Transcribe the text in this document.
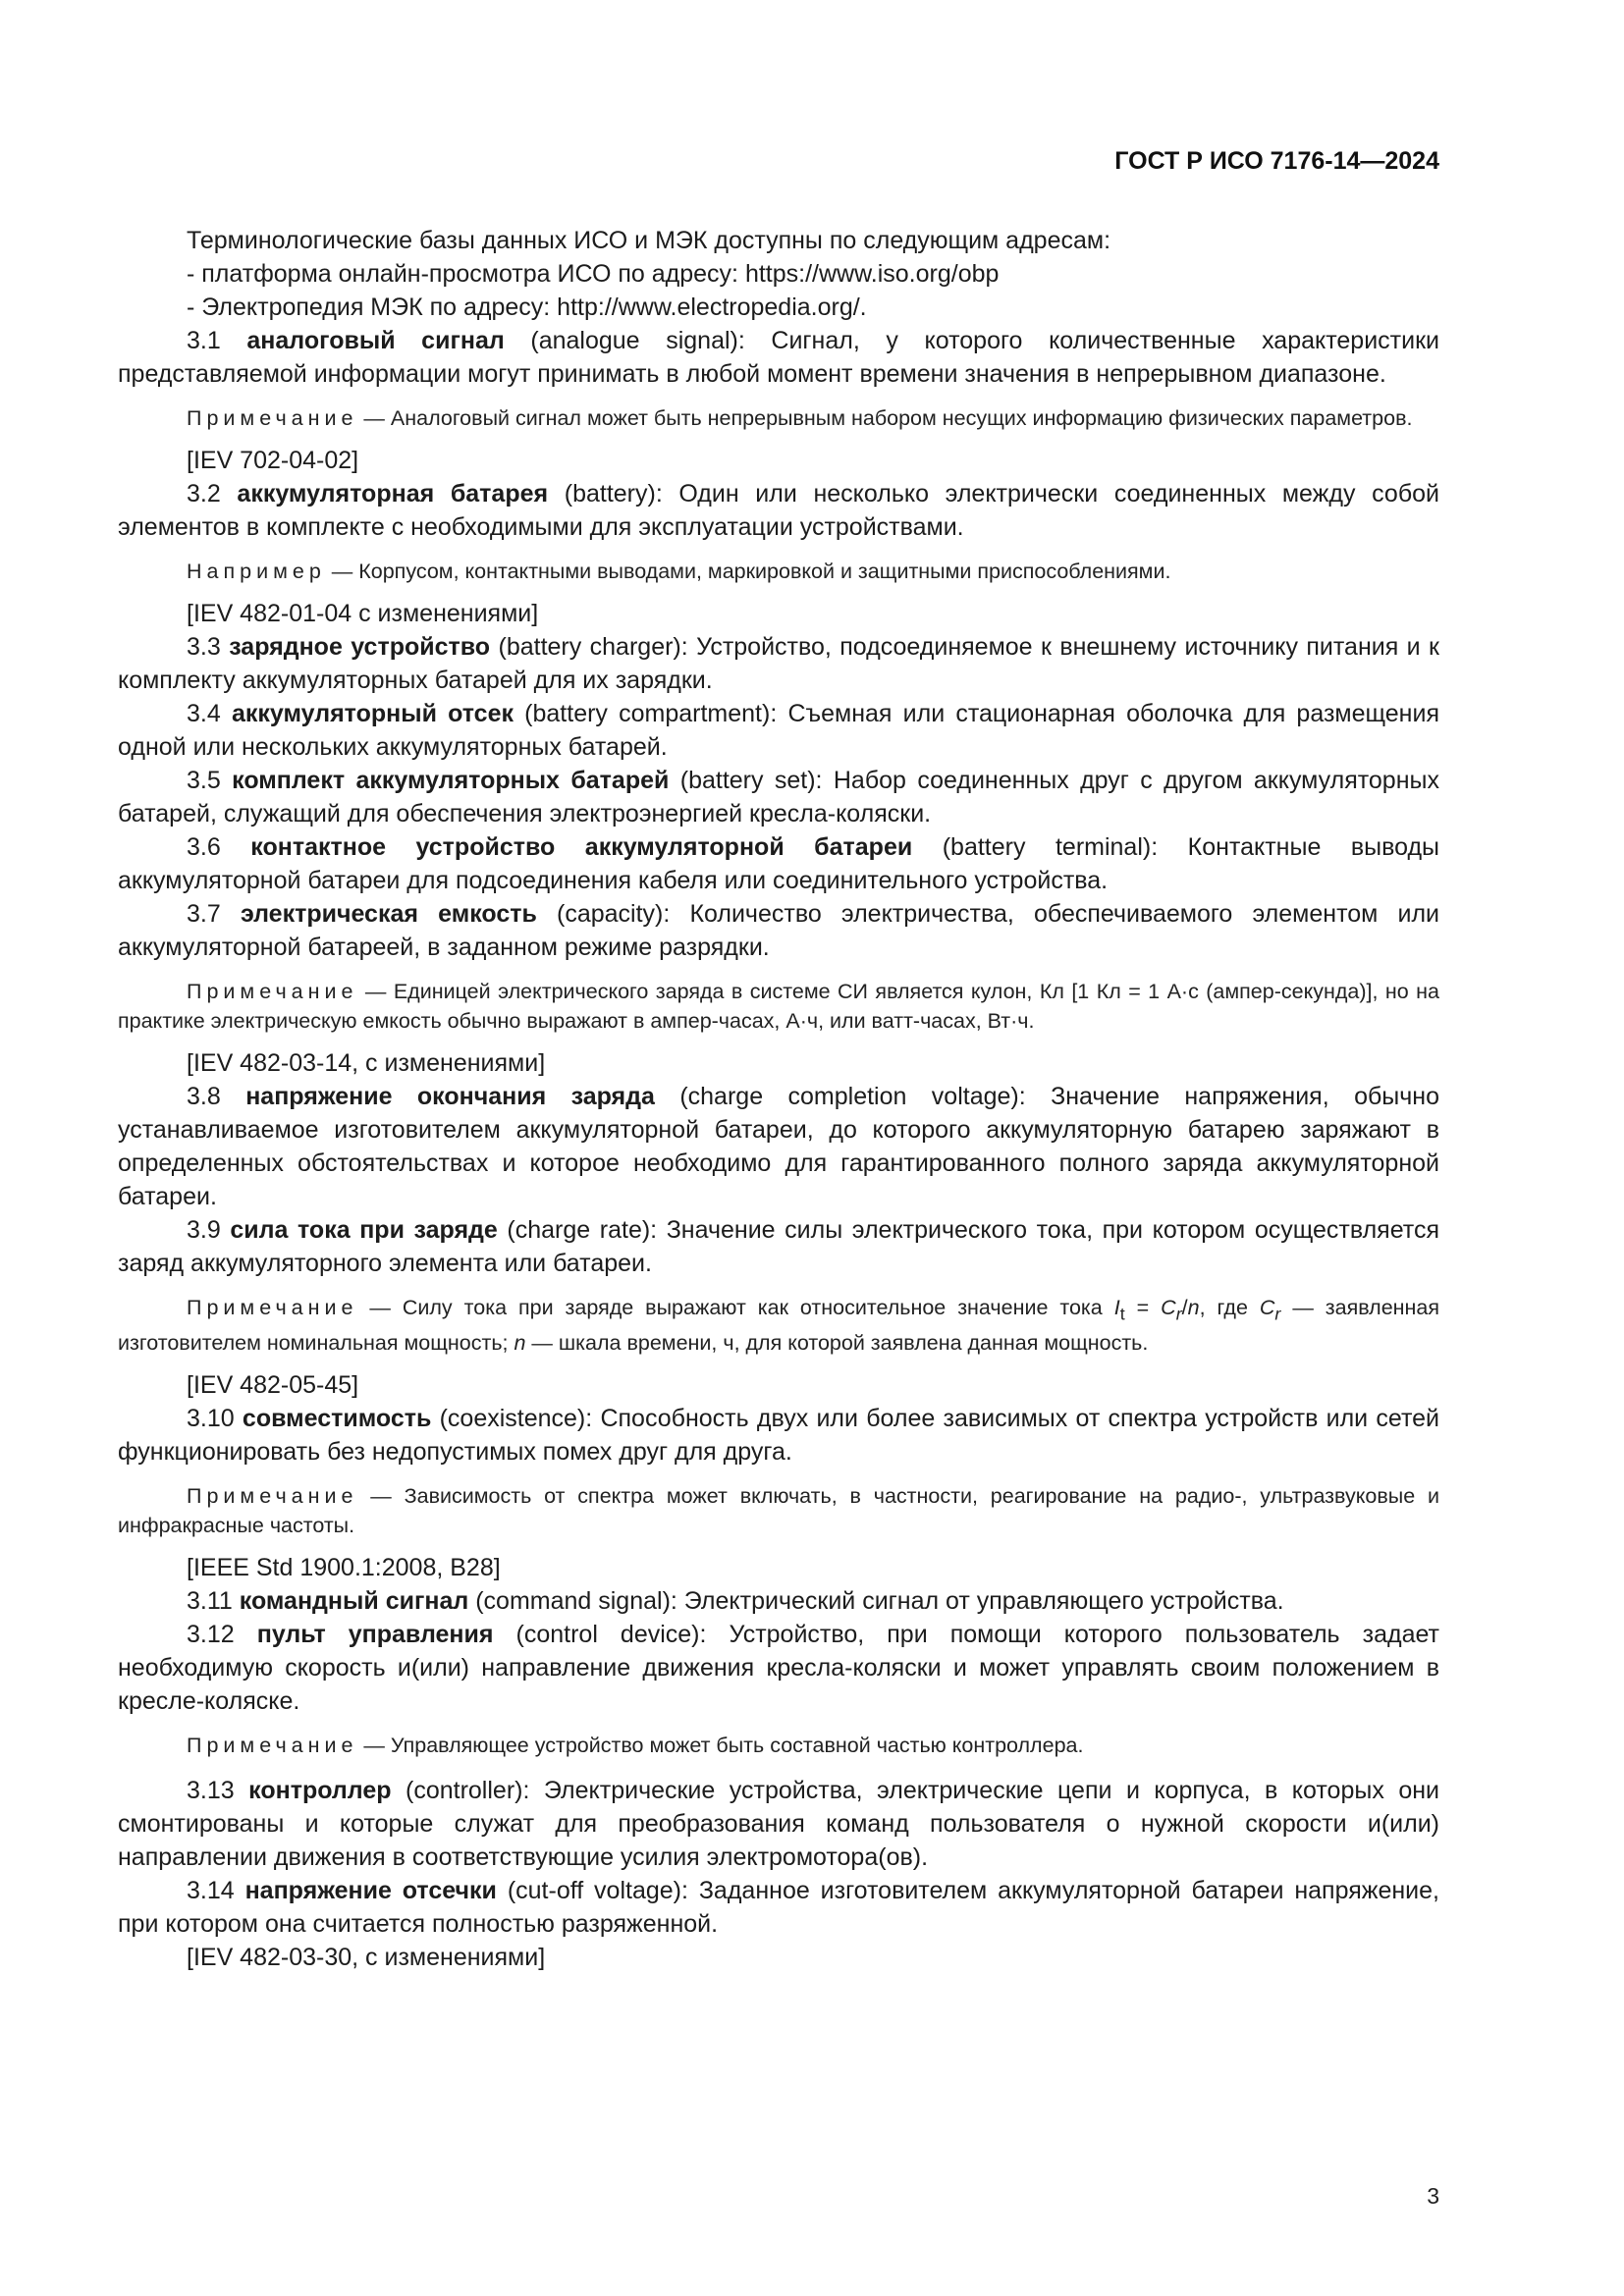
ГОСТ Р ИСО 7176-14—2024

Терминологические базы данных ИСО и МЭК доступны по следующим адресам:

- платформа онлайн-просмотра ИСО по адресу: https://www.iso.org/obp

- Электропедия МЭК по адресу: http://www.electropedia.org/.

3.1 аналоговый сигнал (analogue signal): Сигнал, у которого количественные характеристики представляемой информации могут принимать в любой момент времени значения в непрерывном диапазоне.

Примечание — Аналоговый сигнал может быть непрерывным набором несущих информацию физических параметров.

[IEV 702-04-02]

3.2 аккумуляторная батарея (battery): Один или несколько электрически соединенных между собой элементов в комплекте с необходимыми для эксплуатации устройствами.

Например — Корпусом, контактными выводами, маркировкой и защитными приспособлениями.

[IEV 482-01-04 с изменениями]

3.3 зарядное устройство (battery charger): Устройство, подсоединяемое к внешнему источнику питания и к комплекту аккумуляторных батарей для их зарядки.

3.4 аккумуляторный отсек (battery compartment): Съемная или стационарная оболочка для размещения одной или нескольких аккумуляторных батарей.

3.5 комплект аккумуляторных батарей (battery set): Набор соединенных друг с другом аккумуляторных батарей, служащий для обеспечения электроэнергией кресла-коляски.

3.6 контактное устройство аккумуляторной батареи (battery terminal): Контактные выводы аккумуляторной батареи для подсоединения кабеля или соединительного устройства.

3.7 электрическая емкость (capacity): Количество электричества, обеспечиваемого элементом или аккумуляторной батареей, в заданном режиме разрядки.

Примечание — Единицей электрического заряда в системе СИ является кулон, Кл [1 Кл = 1 А·с (ампер-секунда)], но на практике электрическую емкость обычно выражают в ампер-часах, А·ч, или ватт-часах, Вт·ч.

[IEV 482-03-14, с изменениями]

3.8 напряжение окончания заряда (charge completion voltage): Значение напряжения, обычно устанавливаемое изготовителем аккумуляторной батареи, до которого аккумуляторную батарею заряжают в определенных обстоятельствах и которое необходимо для гарантированного полного заряда аккумуляторной батареи.

3.9 сила тока при заряде (charge rate): Значение силы электрического тока, при котором осуществляется заряд аккумуляторного элемента или батареи.

Примечание — Силу тока при заряде выражают как относительное значение тока $I_t = C_r/n$, где $C_r$ — заявленная изготовителем номинальная мощность; n — шкала времени, ч, для которой заявлена данная мощность.

[IEV 482-05-45]

3.10 совместимость (coexistence): Способность двух или более зависимых от спектра устройств или сетей функционировать без недопустимых помех друг для друга.

Примечание — Зависимость от спектра может включать, в частности, реагирование на радио-, ультразвуковые и инфракрасные частоты.

[IEEE Std 1900.1:2008, В28]

3.11 командный сигнал (command signal): Электрический сигнал от управляющего устройства.

3.12 пульт управления (control device): Устройство, при помощи которого пользователь задает необходимую скорость и(или) направление движения кресла-коляски и может управлять своим положением в кресле-коляске.

Примечание — Управляющее устройство может быть составной частью контроллера.

3.13 контроллер (controller): Электрические устройства, электрические цепи и корпуса, в которых они смонтированы и которые служат для преобразования команд пользователя о нужной скорости и(или) направлении движения в соответствующие усилия электромотора(ов).

3.14 напряжение отсечки (cut-off voltage): Заданное изготовителем аккумуляторной батареи напряжение, при котором она считается полностью разряженной.

[IEV 482-03-30, с изменениями]

3
